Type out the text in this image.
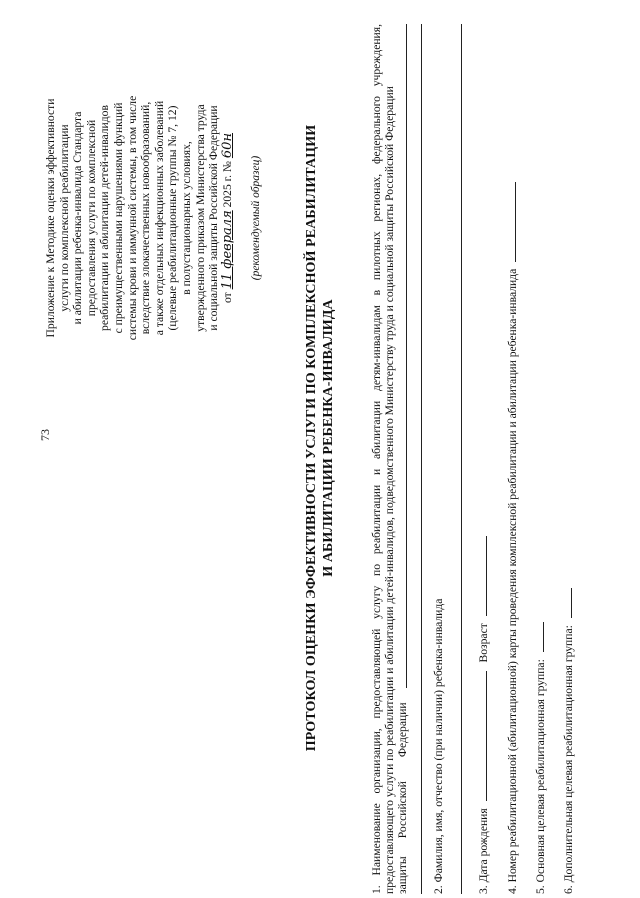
73
Приложение к Методике оценки эффективности услуги по комплексной реабилитации и абилитации ребенка-инвалида Стандарта предоставления услуги по комплексной реабилитации и абилитации детей-инвалидов с преимущественными нарушениями функций системы крови и иммунной системы, в том числе вследствие злокачественных новообразований, а также отдельных инфекционных заболеваний (целевые реабилитационные группы № 7, 12) в полустационарных условиях, утвержденного приказом Министерства труда и социальной защиты Российской Федерации от 11 февраля 2025 г. № 60н
(рекомендуемый образец)	ПРОТОКОЛ ОЦЕНКИ ЭФФЕКТИВНОСТИ УСЛУГИ ПО КОМПЛЕКСНОЙ РЕАБИЛИТАЦИИ И АБИЛИТАЦИИ РЕБЕНКА-ИНВАЛИДА	1. Наименование организации, предоставляющей услугу по реабилитации и абилитации детям-инвалидам в пилотных регионах, федерального учреждения, предоставляющего услуги по реабилитации и абилитации детей-инвалидов, подведомственного Министерству труда и социальной защиты Российской Федерации защиты
Российской
Федерации 2. Фамилия, имя, отчество (при наличии) ребенка-инвалида	3. Дата рождения  Возраст 4. Номер реабилитационной (абилитационной) карты проведения комплексной реабилитации и абилитации ребенка-инвалида 5. Основная целевая реабилитационная группа: 6. Дополнительная целевая реабилитационная группа:
